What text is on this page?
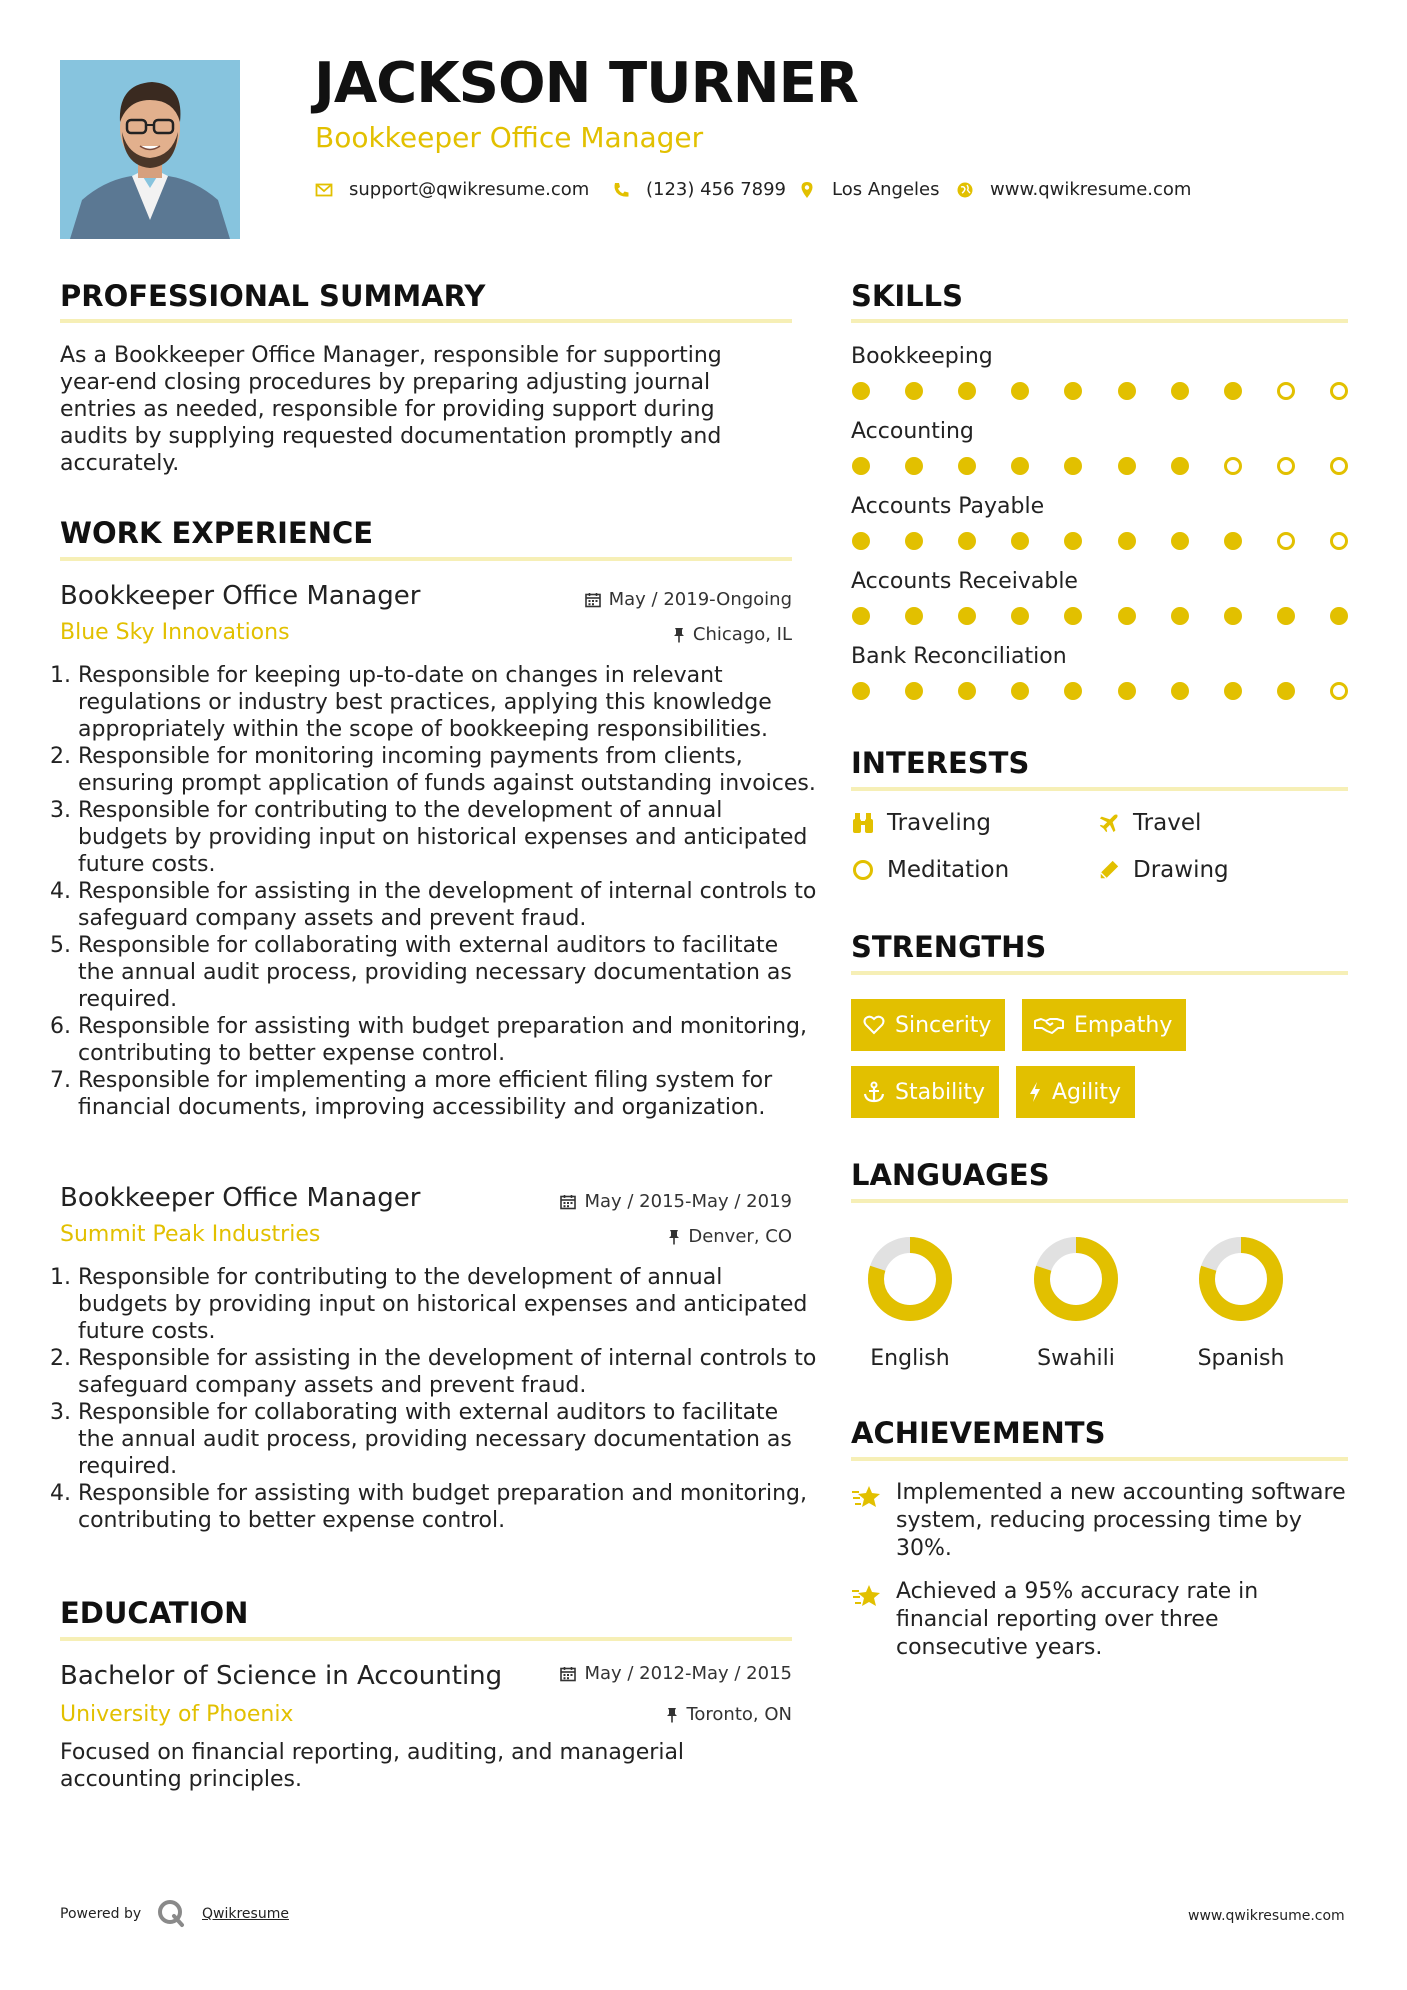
JACKSON TURNER
Bookkeeper Office Manager
support@qwikresume.com	(123) 456 7899	Los Angeles	www.qwikresume.com
PROFESSIONAL SUMMARY
As a Bookkeeper Office Manager, responsible for supporting year-end closing procedures by preparing adjusting journal entries as needed, responsible for providing support during audits by supplying requested documentation promptly and accurately.
WORK EXPERIENCE
Bookkeeper Office Manager	May / 2019-Ongoing
Blue Sky Innovations	Chicago, IL
1. Responsible for keeping up-to-date on changes in relevant regulations or industry best practices, applying this knowledge appropriately within the scope of bookkeeping responsibilities.
2. Responsible for monitoring incoming payments from clients, ensuring prompt application of funds against outstanding invoices.
3. Responsible for contributing to the development of annual budgets by providing input on historical expenses and anticipated future costs.
4. Responsible for assisting in the development of internal controls to safeguard company assets and prevent fraud.
5. Responsible for collaborating with external auditors to facilitate the annual audit process, providing necessary documentation as required.
6. Responsible for assisting with budget preparation and monitoring, contributing to better expense control.
7. Responsible for implementing a more efficient filing system for financial documents, improving accessibility and organization.
Bookkeeper Office Manager	May / 2015-May / 2019
Summit Peak Industries	Denver, CO
1. Responsible for contributing to the development of annual budgets by providing input on historical expenses and anticipated future costs.
2. Responsible for assisting in the development of internal controls to safeguard company assets and prevent fraud.
3. Responsible for collaborating with external auditors to facilitate the annual audit process, providing necessary documentation as required.
4. Responsible for assisting with budget preparation and monitoring, contributing to better expense control.
EDUCATION
Bachelor of Science in Accounting	May / 2012-May / 2015
University of Phoenix	Toronto, ON
Focused on financial reporting, auditing, and managerial accounting principles.
SKILLS
Bookkeeping
Accounting
Accounts Payable
Accounts Receivable
Bank Reconciliation
INTERESTS
Traveling	Travel
Meditation	Drawing
STRENGTHS
Sincerity	Empathy
Stability	Agility
LANGUAGES
English	Swahili	Spanish
ACHIEVEMENTS
Implemented a new accounting software system, reducing processing time by 30%.
Achieved a 95% accuracy rate in financial reporting over three consecutive years.
Powered by	Qwikresume	www.qwikresume.com
